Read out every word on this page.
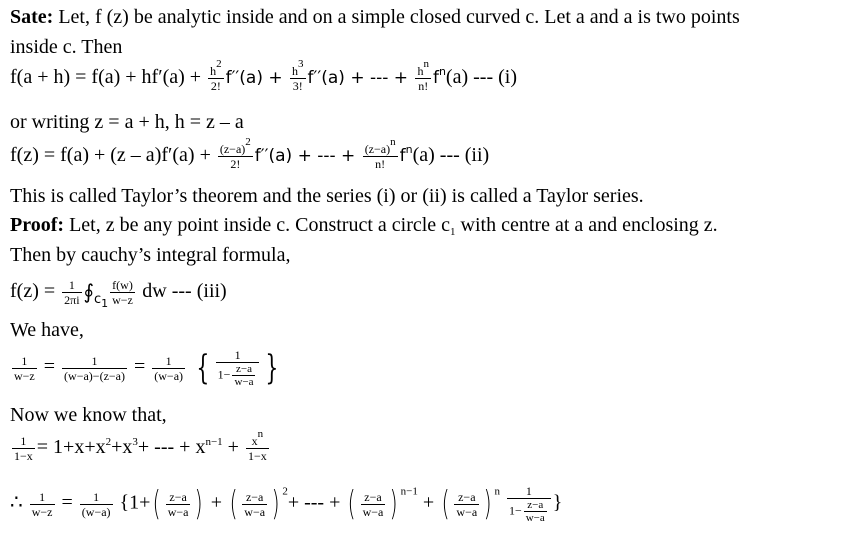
Sate: Let, f (z) be analytic inside and on a simple closed curved c. Let a and a is two points
inside c. Then
$f(a + h) = f(a) + hf'(a) + \frac{h^2}{2!} f''(a) + \frac{h^3}{3!} f''(a)$ + --- + $\frac{h^n}{n!} f^n(a)$ --- (i)
or writing z = a + h, h = z – a
$f(z) = f(a) + (z - a)f'(a) + \frac{(z-a)^2}{2!} f''(a)$ + --- + $\frac{(z-a)^n}{n!} f^n(a)$ --- (ii)
This is called Taylor’s theorem and the series (i) or (ii) is called a Taylor series.
Proof: Let, z be any point inside c. Construct a circle $c_1$ with centre at a and enclosing z.
Then by cauchy’s integral formula,
$f(z) = \frac{1}{2\pi i}$ $∮_{c_1} \frac{f(w)}{w-z}$ dw --- (iii)
We have,
$\frac{1}{w-z} = \frac{1}{(w-a)-(z-a)} = \frac{1}{(w-a)}$ { $\frac{1}{1- \frac{z-a}{w-a}}$ }
Now we know that,
$\frac{1}{1-x} = 1+x+x^2+x^3+$ --- + $x^{n-1} + \frac{x^n}{1-x}$
∴ $\frac{1}{w-z} = \frac{1}{(w-a)} \{1+( \frac{z-a}{w-a}$ ) + ( $\frac{z-a}{w-a}$ ) $^2$+ --- + ( $\frac{z-a}{w-a}$ ) $^{n-1}$ + ( $\frac{z-a}{w-a}$ ) $^n \frac{1}{1- \frac{z-a}{w-a}}$ }
